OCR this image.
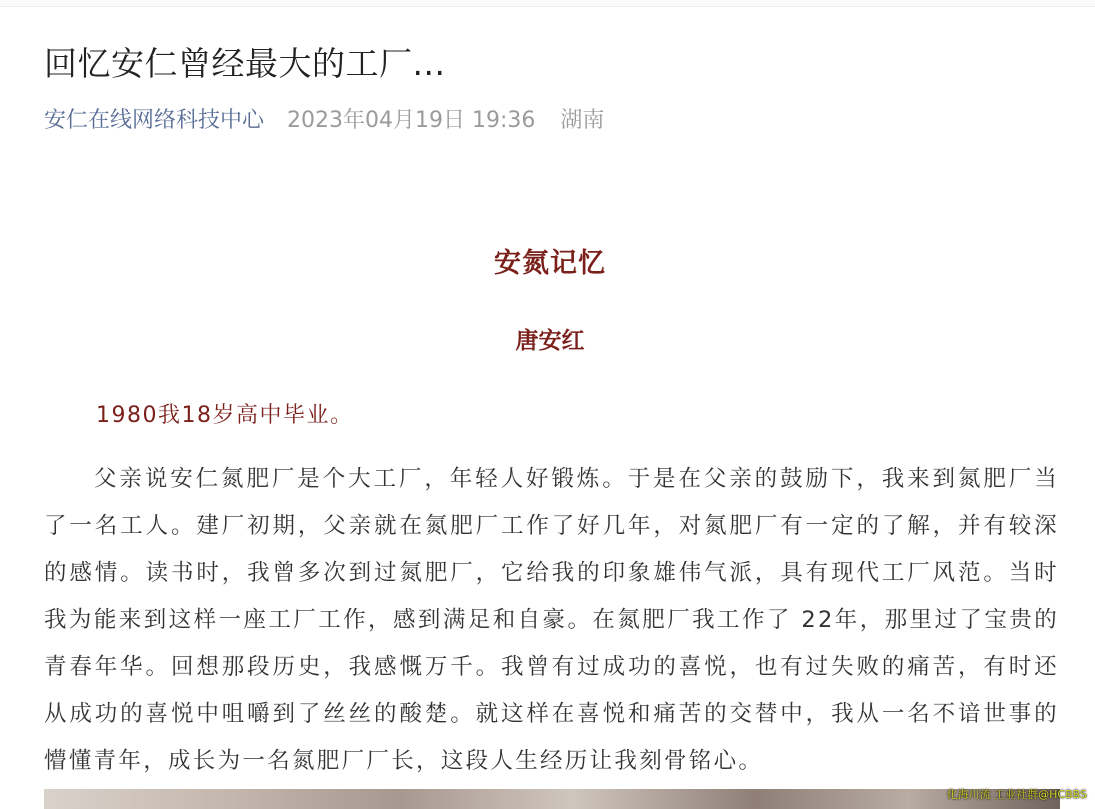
回忆安仁曾经最大的工厂...
安仁在线网络科技中心 2023年04月19日 19:36 湖南
安氮记忆
唐安红

1980我18岁高中毕业。

父亲说安仁氮肥厂是个大工厂，年轻人好锻炼。于是在父亲的鼓励下，我来到氮肥厂当了一名工人。建厂初期，父亲就在氮肥厂工作了好几年，对氮肥厂有一定的了解，并有较深的感情。读书时，我曾多次到过氮肥厂，它给我的印象雄伟气派，具有现代工厂风范。当时我为能来到这样一座工厂工作，感到满足和自豪。在氮肥厂我工作了 22年，那里过了宝贵的青春年华。回想那段历史，我感慨万千。我曾有过成功的喜悦，也有过失败的痛苦，有时还从成功的喜悦中咀嚼到了丝丝的酸楚。就这样在喜悦和痛苦的交替中，我从一名不谙世事的懵懂青年，成长为一名氮肥厂厂长，这段人生经历让我刻骨铭心。

化海川流 工业社群@HCBBS
